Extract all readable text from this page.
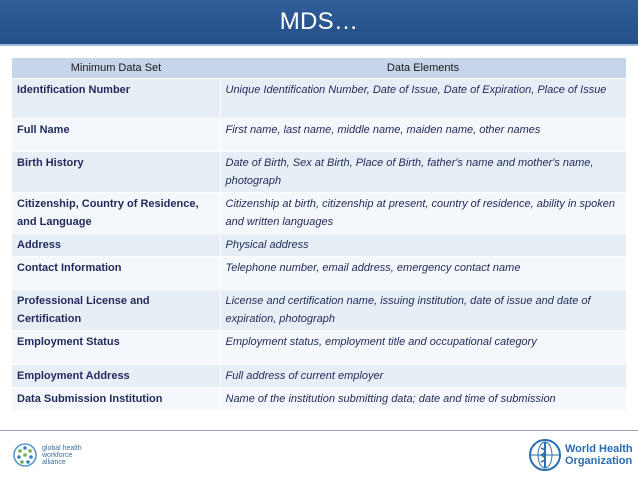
MDS…
Minimum Data Set	Data Elements
Identification Number	Unique Identification Number, Date of Issue, Date of Expiration, Place of Issue
Full Name	First name, last name, middle name, maiden name, other names
Birth History	Date of Birth, Sex at Birth, Place of Birth, father's name and mother's name, photograph
Citizenship, Country of Residence, and Language	Citizenship at birth, citizenship at present, country of residence, ability in spoken and written languages
Address	Physical address
Contact Information	Telephone number, email address, emergency contact name
Professional License and Certification	License and certification name, issuing institution, date of issue and date of expiration, photograph
Employment Status	Employment status, employment title and occupational category
Employment Address	Full address of current employer
Data Submission Institution	Name of the institution submitting data; date and time of submission
global health
workforce
alliance
World Health
Organization
